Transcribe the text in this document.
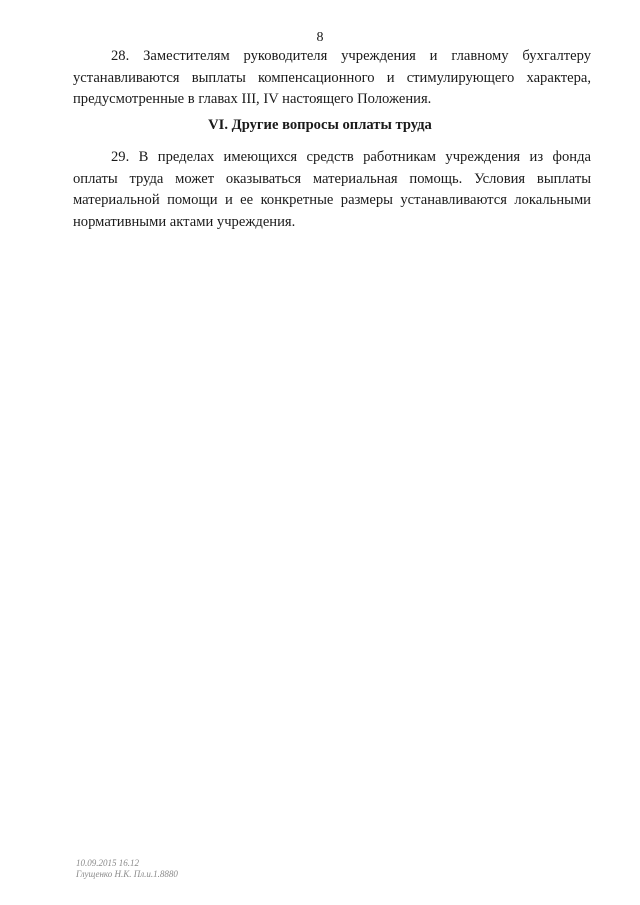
8

28. Заместителям руководителя учреждения и главному бухгалтеру устанавливаются выплаты компенсационного и стимулирующего характера, предусмотренные в главах III, IV настоящего Положения.

VI. Другие вопросы оплаты труда

29. В пределах имеющихся средств работникам учреждения из фонда оплаты труда может оказываться материальная помощь. Условия выплаты материальной помощи и ее конкретные размеры устанавливаются локальными нормативными актами учреждения.

10.09.2015 16.12
Глущенко Н.К. Пл.и.1.8880
